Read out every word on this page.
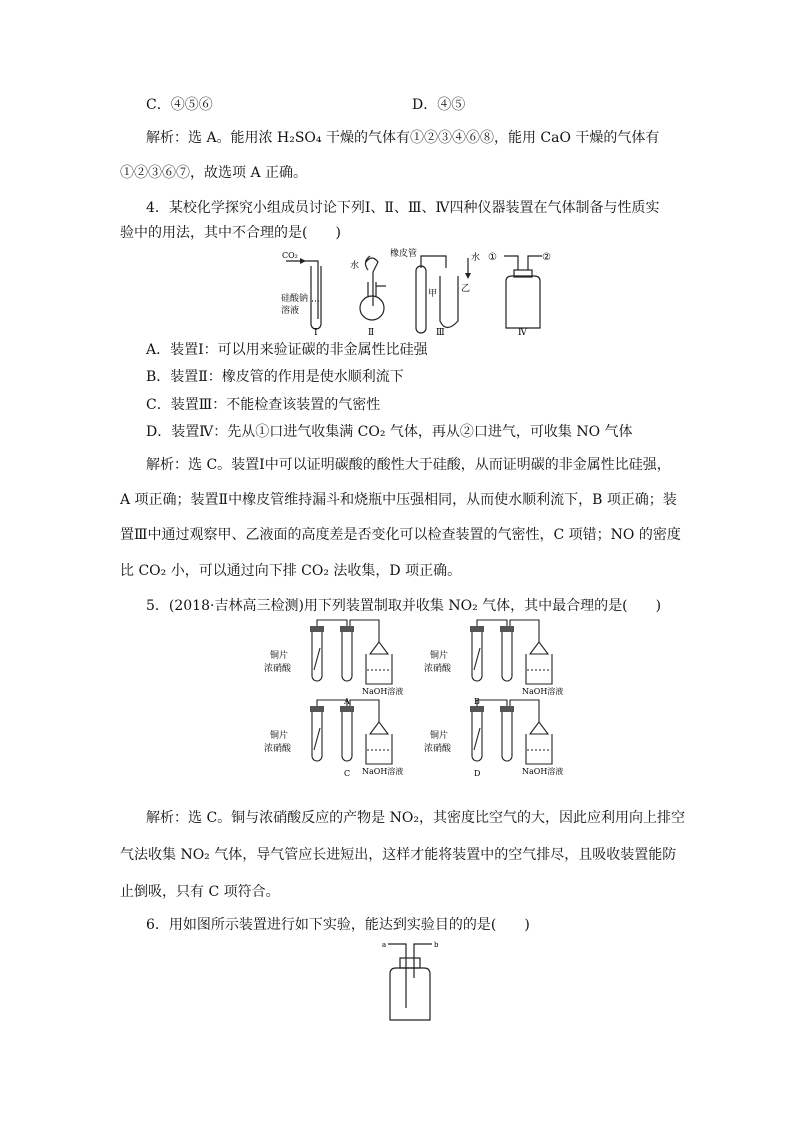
C．④⑤⑥	D．④⑤
解析：选 A。能用浓 H₂SO₄ 干燥的气体有①②③④⑥⑧，能用 CaO 干燥的气体有
①②③⑥⑦，故选项 A 正确。
4．某校化学探究小组成员讨论下列Ⅰ、Ⅱ、Ⅲ、Ⅳ四种仪器装置在气体制备与性质实
验中的用法，其中不合理的是(　　)
CO₂
硅酸钠
溶液
水
橡皮管
甲	乙
水 ①	②
Ⅰ	Ⅱ	Ⅲ	Ⅳ
A．装置Ⅰ：可以用来验证碳的非金属性比硅强
B．装置Ⅱ：橡皮管的作用是使水顺利流下
C．装置Ⅲ：不能检查该装置的气密性
D．装置Ⅳ：先从①口进气收集满 CO₂ 气体，再从②口进气，可收集 NO 气体
解析：选 C。装置Ⅰ中可以证明碳酸的酸性大于硅酸，从而证明碳的非金属性比硅强，
A 项正确；装置Ⅱ中橡皮管维持漏斗和烧瓶中压强相同，从而使水顺利流下，B 项正确；装
置Ⅲ中通过观察甲、乙液面的高度差是否变化可以检查装置的气密性，C 项错；NO 的密度
比 CO₂ 小，可以通过向下排 CO₂ 法收集，D 项正确。
5．(2018·吉林高三检测)用下列装置制取并收集 NO₂ 气体，其中最合理的是(　　)
铜片
浓硝酸
NaOH溶液
铜片
浓硝酸
NaOH溶液
铜片
浓硝酸
NaOH溶液
铜片
浓硝酸
NaOH溶液
A	B
C	D
解析：选 C。铜与浓硝酸反应的产物是 NO₂，其密度比空气的大，因此应利用向上排空
气法收集 NO₂ 气体，导气管应长进短出，这样才能将装置中的空气排尽，且吸收装置能防
止倒吸，只有 C 项符合。
6．用如图所示装置进行如下实验，能达到实验目的的是(　　)
a	b
